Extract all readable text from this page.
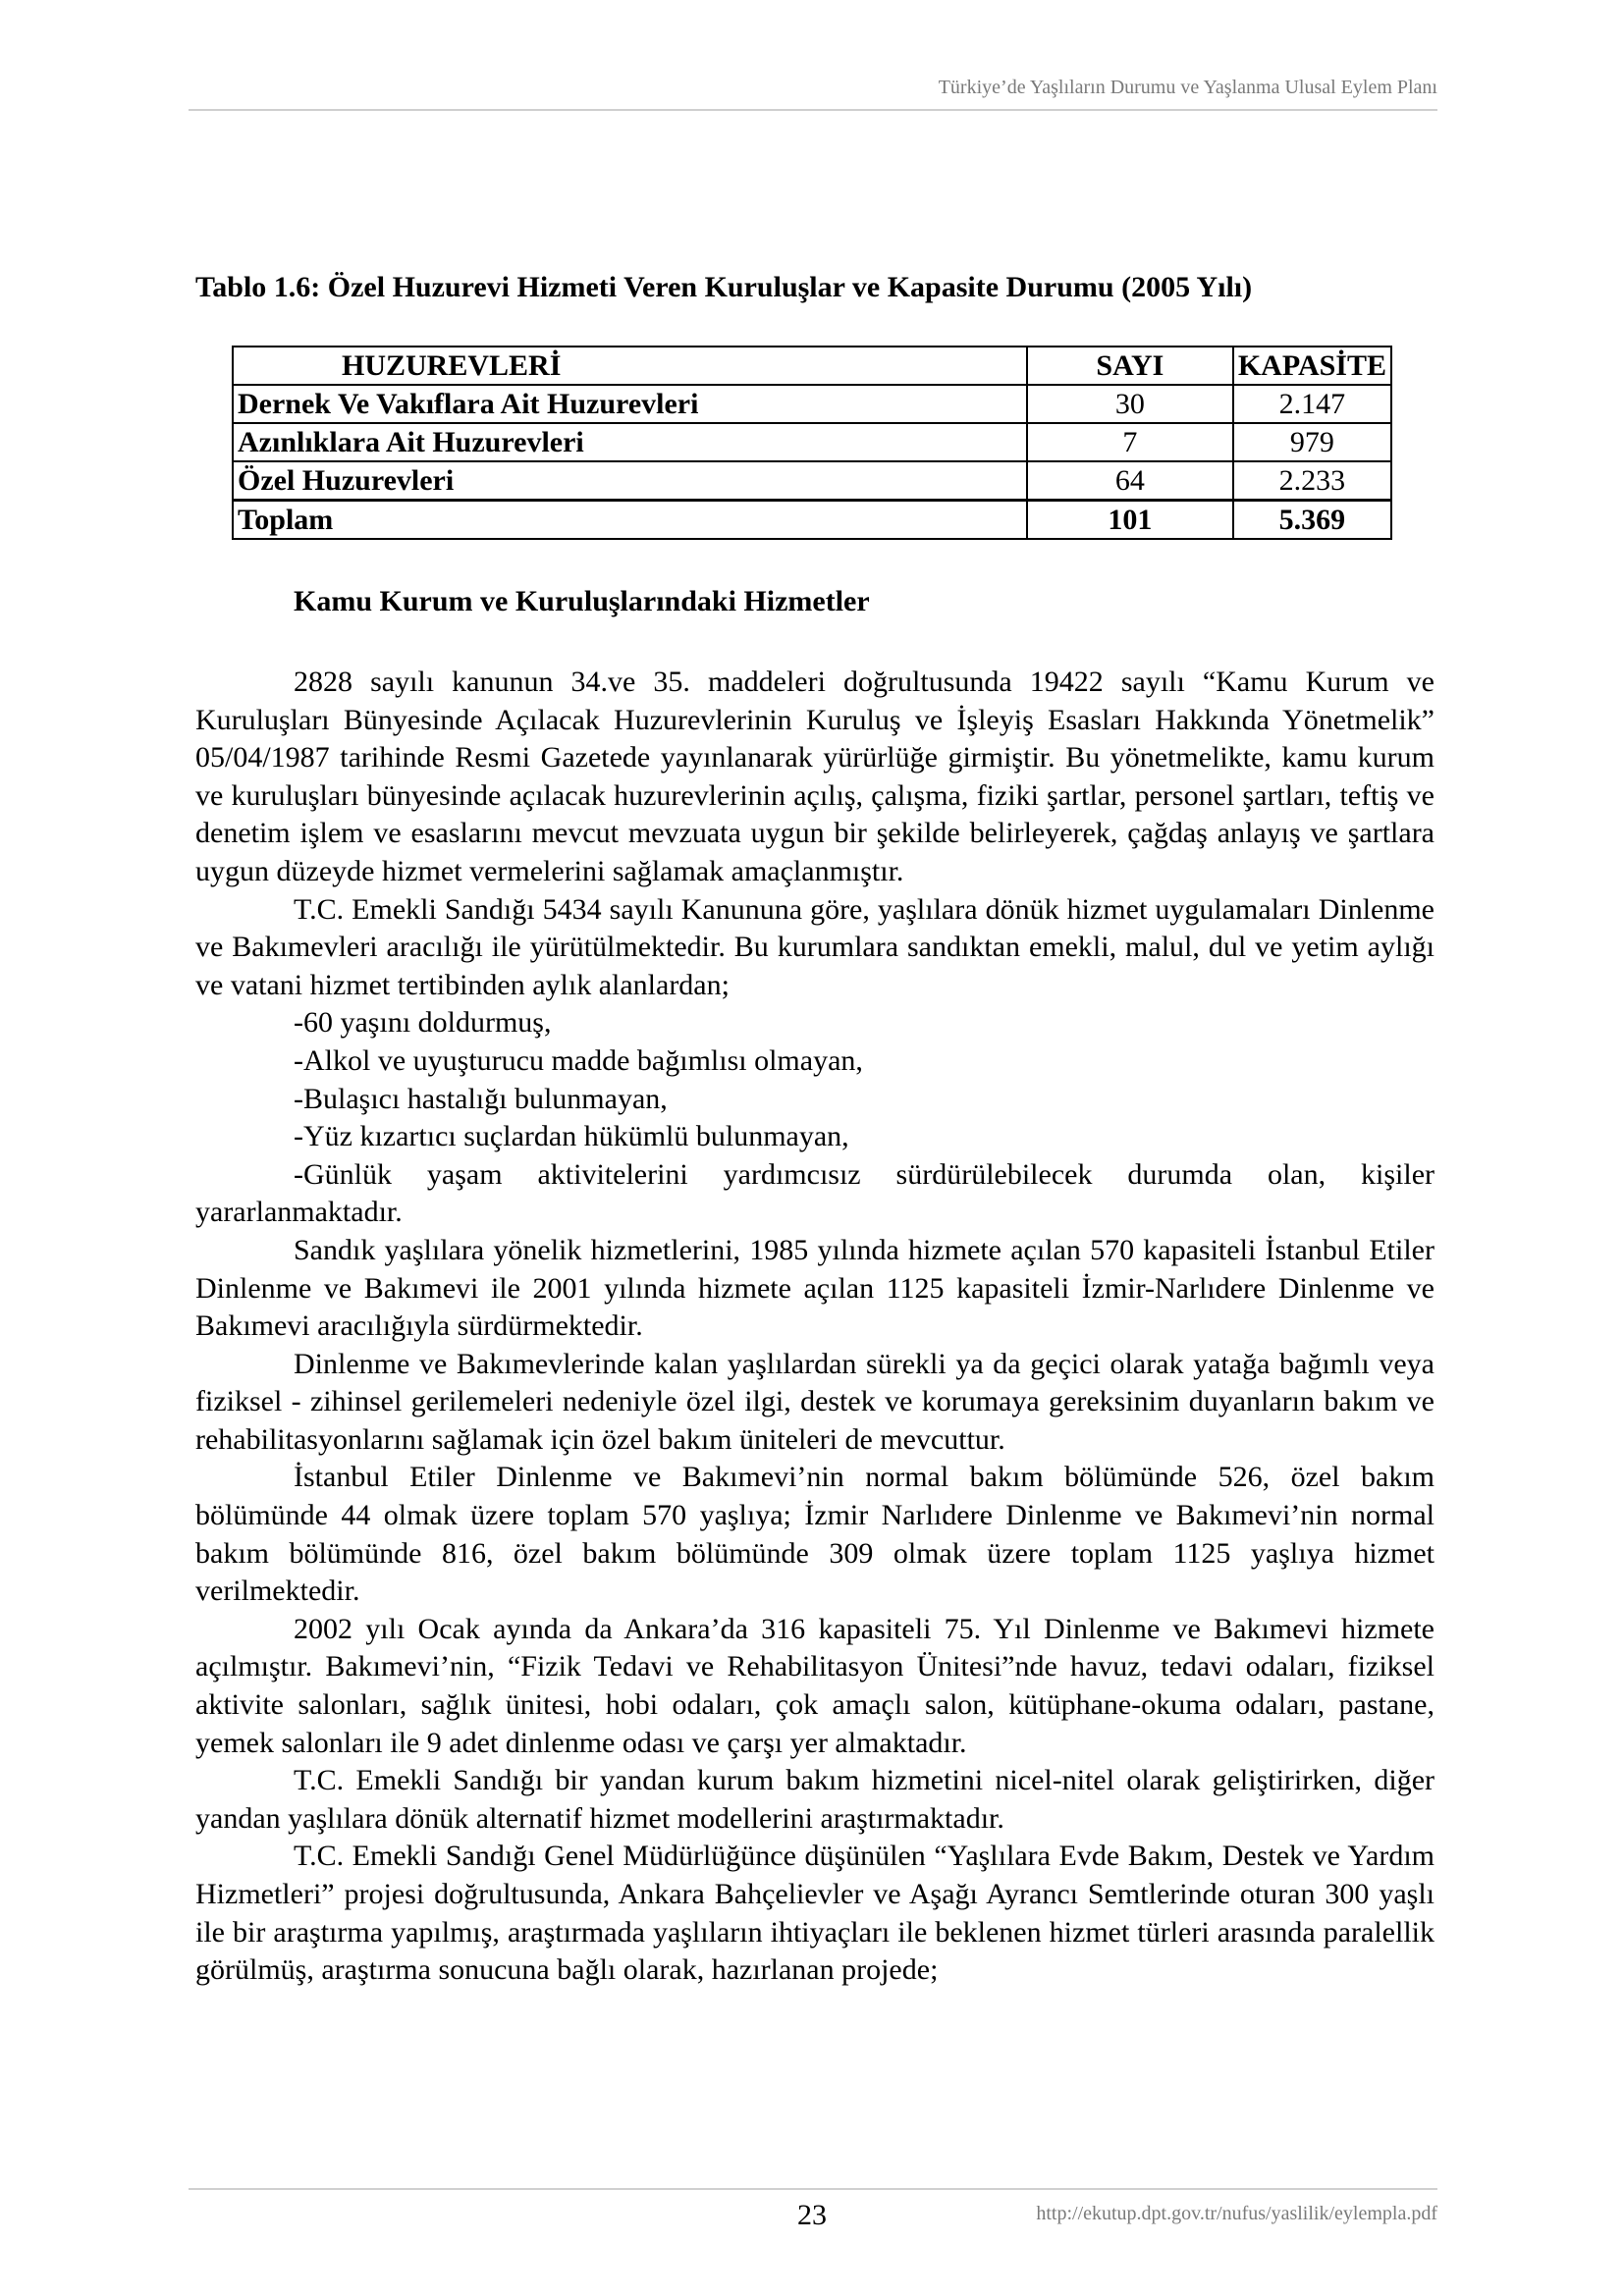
Türkiye’de Yaşlıların Durumu ve Yaşlanma Ulusal Eylem Planı
Tablo 1.6: Özel Huzurevi Hizmeti Veren Kuruluşlar ve Kapasite Durumu (2005 Yılı)
HUZUREVLERİ	SAYI	KAPASİTE
Dernek Ve Vakıflara Ait Huzurevleri	30	2.147
Azınlıklara Ait Huzurevleri	7	979
Özel Huzurevleri	64	2.233
Toplam	101	5.369
Kamu Kurum ve Kuruluşlarındaki Hizmetler

2828 sayılı kanunun 34.ve 35. maddeleri doğrultusunda 19422 sayılı “Kamu Kurum ve Kuruluşları Bünyesinde Açılacak Huzurevlerinin Kuruluş ve İşleyiş Esasları Hakkında Yönetmelik” 05/04/1987 tarihinde Resmi Gazetede yayınlanarak yürürlüğe girmiştir. Bu yönetmelikte, kamu kurum ve kuruluşları bünyesinde açılacak huzurevlerinin açılış, çalışma, fiziki şartlar, personel şartları, teftiş ve denetim işlem ve esaslarını mevcut mevzuata uygun bir şekilde belirleyerek, çağdaş anlayış ve şartlara uygun düzeyde hizmet vermelerini sağlamak amaçlanmıştır.

T.C. Emekli Sandığı 5434 sayılı Kanununa göre, yaşlılara dönük hizmet uygulamaları Dinlenme ve Bakımevleri aracılığı ile yürütülmektedir. Bu kurumlara sandıktan emekli, malul, dul ve yetim aylığı ve vatani hizmet tertibinden aylık alanlardan;

-60 yaşını doldurmuş,

-Alkol ve uyuşturucu madde bağımlısı olmayan,

-Bulaşıcı hastalığı bulunmayan,

-Yüz kızartıcı suçlardan hükümlü bulunmayan,

-Günlük yaşam aktivitelerini yardımcısız sürdürülebilecek durumda olan, kişiler yararlanmaktadır.

Sandık yaşlılara yönelik hizmetlerini, 1985 yılında hizmete açılan 570 kapasiteli İstanbul Etiler Dinlenme ve Bakımevi ile 2001 yılında hizmete açılan 1125 kapasiteli İzmir-Narlıdere Dinlenme ve Bakımevi aracılığıyla sürdürmektedir.

Dinlenme ve Bakımevlerinde kalan yaşlılardan sürekli ya da geçici olarak yatağa bağımlı veya fiziksel - zihinsel gerilemeleri nedeniyle özel ilgi, destek ve korumaya gereksinim duyanların bakım ve rehabilitasyonlarını sağlamak için özel bakım üniteleri de mevcuttur.

İstanbul Etiler Dinlenme ve Bakımevi’nin normal bakım bölümünde 526, özel bakım bölümünde 44 olmak üzere toplam 570 yaşlıya; İzmir Narlıdere Dinlenme ve Bakımevi’nin normal bakım bölümünde 816, özel bakım bölümünde 309 olmak üzere toplam 1125 yaşlıya hizmet verilmektedir.

2002 yılı Ocak ayında da Ankara’da 316 kapasiteli 75. Yıl Dinlenme ve Bakımevi hizmete açılmıştır. Bakımevi’nin, “Fizik Tedavi ve Rehabilitasyon Ünitesi”nde havuz, tedavi odaları, fiziksel aktivite salonları, sağlık ünitesi, hobi odaları, çok amaçlı salon, kütüphane-okuma odaları, pastane, yemek salonları ile 9 adet dinlenme odası ve çarşı yer almaktadır.

T.C. Emekli Sandığı bir yandan kurum bakım hizmetini nicel-nitel olarak geliştirirken, diğer yandan yaşlılara dönük alternatif hizmet modellerini araştırmaktadır.

T.C. Emekli Sandığı Genel Müdürlüğünce düşünülen “Yaşlılara Evde Bakım, Destek ve Yardım Hizmetleri” projesi doğrultusunda, Ankara Bahçelievler ve Aşağı Ayrancı Semtlerinde oturan 300 yaşlı ile bir araştırma yapılmış, araştırmada yaşlıların ihtiyaçları ile beklenen hizmet türleri arasında paralellik görülmüş, araştırma sonucuna bağlı olarak, hazırlanan projede;

23	http://ekutup.dpt.gov.tr/nufus/yaslilik/eylempla.pdf
